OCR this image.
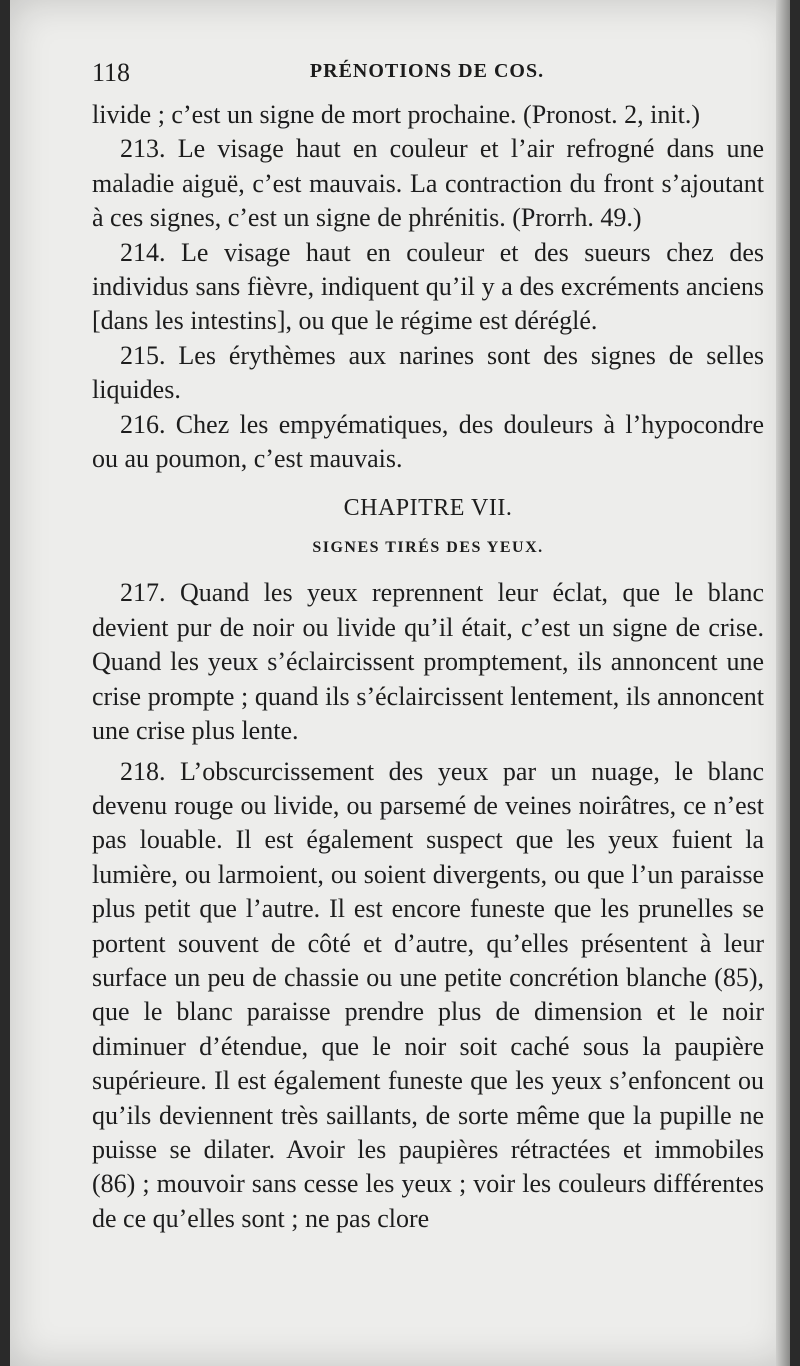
118	PRÉNOTIONS DE COS.

livide ; c’est un signe de mort prochaine. (Pronost. 2, init.)

213. Le visage haut en couleur et l’air refrogné dans une maladie aiguë, c’est mauvais. La contraction du front s’ajoutant à ces signes, c’est un signe de phrénitis. (Prorrh. 49.)

214. Le visage haut en couleur et des sueurs chez des individus sans fièvre, indiquent qu’il y a des excréments anciens [dans les intestins], ou que le régime est déréglé.

215. Les érythèmes aux narines sont des signes de selles liquides.

216. Chez les empyématiques, des douleurs à l’hypocondre ou au poumon, c’est mauvais.

CHAPITRE VII.
SIGNES TIRÉS DES YEUX.

217. Quand les yeux reprennent leur éclat, que le blanc devient pur de noir ou livide qu’il était, c’est un signe de crise. Quand les yeux s’éclaircissent promptement, ils annoncent une crise prompte ; quand ils s’éclaircissent lentement, ils annoncent une crise plus lente.

218. L’obscurcissement des yeux par un nuage, le blanc devenu rouge ou livide, ou parsemé de veines noirâtres, ce n’est pas louable. Il est également suspect que les yeux fuient la lumière, ou larmoient, ou soient divergents, ou que l’un paraisse plus petit que l’autre. Il est encore funeste que les prunelles se portent souvent de côté et d’autre, qu’elles présentent à leur surface un peu de chassie ou une petite concrétion blanche (85), que le blanc paraisse prendre plus de dimension et le noir diminuer d’étendue, que le noir soit caché sous la paupière supérieure. Il est également funeste que les yeux s’enfoncent ou qu’ils deviennent très saillants, de sorte même que la pupille ne puisse se dilater. Avoir les paupières rétractées et immobiles (86) ; mouvoir sans cesse les yeux ; voir les couleurs différentes de ce qu’elles sont ; ne pas clore
